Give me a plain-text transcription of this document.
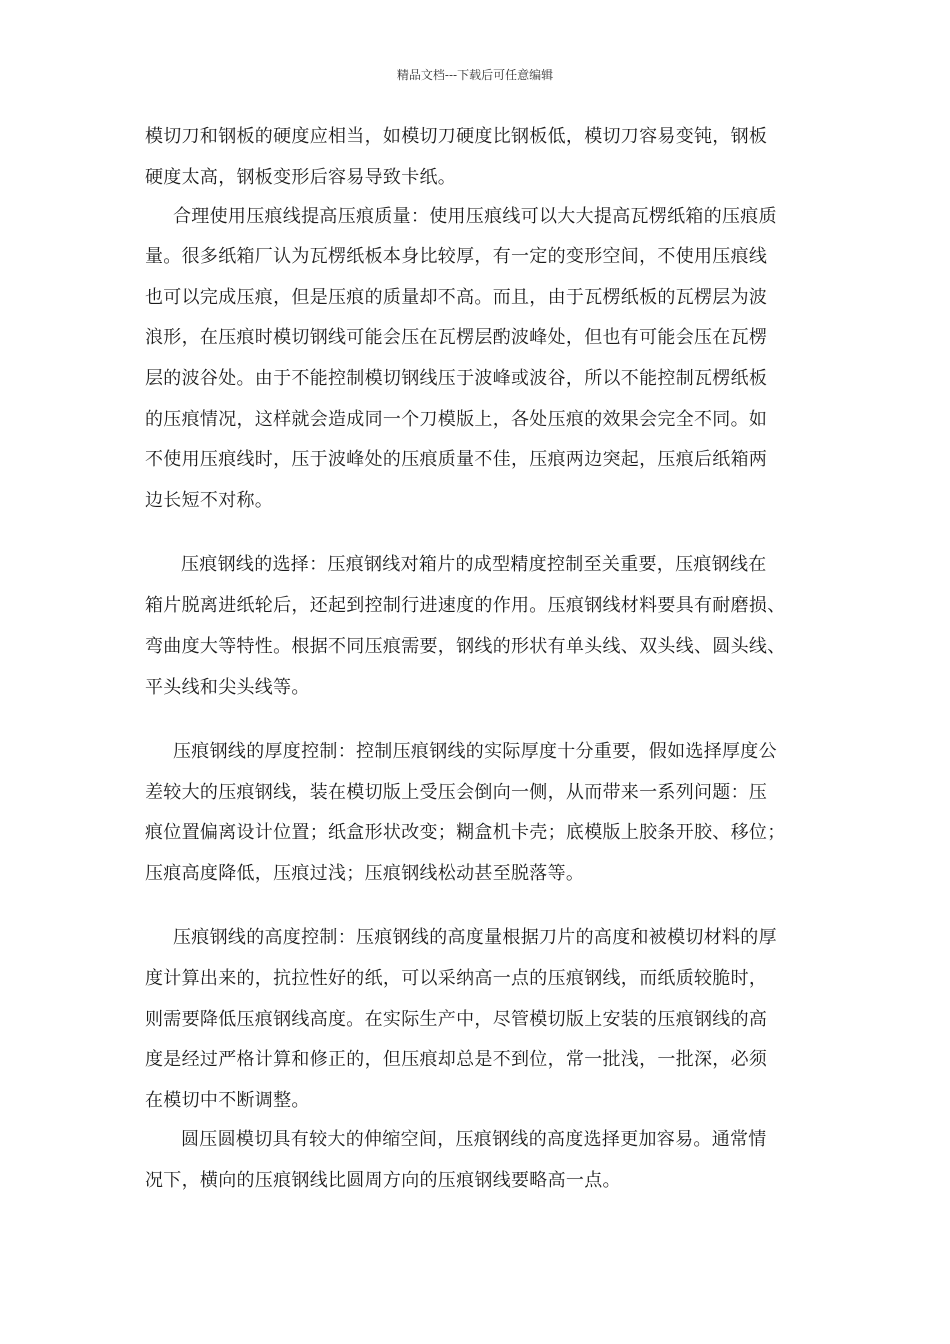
精品文档---下载后可任意编辑
模切刀和钢板的硬度应相当，如模切刀硬度比钢板低，模切刀容易变钝，钢板
硬度太高，钢板变形后容易导致卡纸。
合理使用压痕线提高压痕质量：使用压痕线可以大大提高瓦楞纸箱的压痕质
量。很多纸箱厂认为瓦楞纸板本身比较厚，有一定的变形空间，不使用压痕线
也可以完成压痕，但是压痕的质量却不高。而且，由于瓦楞纸板的瓦楞层为波
浪形，在压痕时模切钢线可能会压在瓦楞层酌波峰处，但也有可能会压在瓦楞
层的波谷处。由于不能控制模切钢线压于波峰或波谷，所以不能控制瓦楞纸板
的压痕情况，这样就会造成同一个刀模版上，各处压痕的效果会完全不同。如
不使用压痕线时，压于波峰处的压痕质量不佳，压痕两边突起，压痕后纸箱两
边长短不对称。
压痕钢线的选择：压痕钢线对箱片的成型精度控制至关重要，压痕钢线在
箱片脱离进纸轮后，还起到控制行进速度的作用。压痕钢线材料要具有耐磨损、
弯曲度大等特性。根据不同压痕需要，钢线的形状有单头线、双头线、圆头线、
平头线和尖头线等。
压痕钢线的厚度控制：控制压痕钢线的实际厚度十分重要，假如选择厚度公
差较大的压痕钢线，装在模切版上受压会倒向一侧，从而带来一系列问题：压
痕位置偏离设计位置；纸盒形状改变；糊盒机卡壳；底模版上胶条开胶、移位；
压痕高度降低，压痕过浅；压痕钢线松动甚至脱落等。
压痕钢线的高度控制：压痕钢线的高度量根据刀片的高度和被模切材料的厚
度计算出来的，抗拉性好的纸，可以采纳高一点的压痕钢线，而纸质较脆时，
则需要降低压痕钢线高度。在实际生产中，尽管模切版上安装的压痕钢线的高
度是经过严格计算和修正的，但压痕却总是不到位，常一批浅，一批深，必须
在模切中不断调整。
圆压圆模切具有较大的伸缩空间，压痕钢线的高度选择更加容易。通常情
况下，横向的压痕钢线比圆周方向的压痕钢线要略高一点。
